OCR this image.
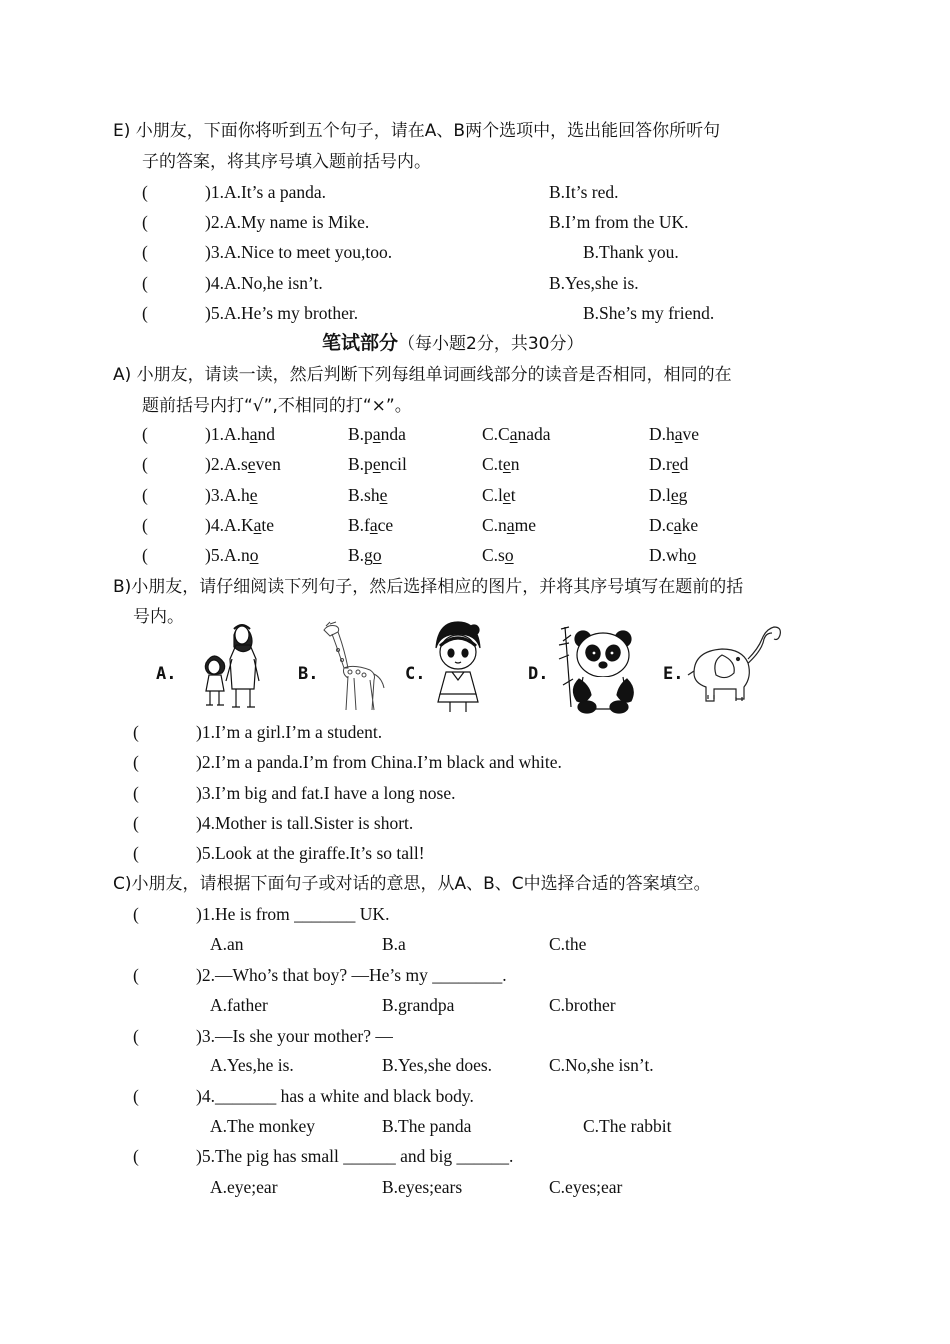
E) 小朋友，下面你将听到五个句子，请在A、B两个选项中，选出能回答你所听句
子的答案，将其序号填入题前括号内。
(	)1.A.It’s a panda.	B.It’s red.
(	)2.A.My name is Mike.	B.I’m from the UK.
(	)3.A.Nice to meet you,too.	B.Thank you.
(	)4.A.No,he isn’t.	B.Yes,she is.
(	)5.A.He’s my brother.	B.She’s my friend.
笔试部分（每小题2分，共30分）
A) 小朋友，请读一读，然后判断下列每组单词画线部分的读音是否相同，相同的在
题前括号内打“√”,不相同的打“×”。
(	)1.A.hand	B.panda	C.Canada	D.have
(	)2.A.seven	B.pencil	C.ten	D.red
(	)3.A.he	B.she	C.let	D.leg
(	)4.A.Kate	B.face	C.name	D.cake
(	)5.A.no	B.go	C.so	D.who
B)小朋友，请仔细阅读下列句子，然后选择相应的图片，并将其序号填写在题前的括
号内。
A.	B.	C.	D.	E.
(	)1.I’m a girl.I’m a student.
(	)2.I’m a panda.I’m from China.I’m black and white.
(	)3.I’m big and fat.I have a long nose.
(	)4.Mother is tall.Sister is short.
(	)5.Look at the giraffe.It’s so tall!
C)小朋友，请根据下面句子或对话的意思，从A、B、C中选择合适的答案填空。
(	)1.He is from _______ UK.
A.an	B.a	C.the
(	)2.—Who’s that boy? —He’s my ________.
A.father	B.grandpa	C.brother
(	)3.—Is she your mother? —
A.Yes,he is.	B.Yes,she does.	C.No,she isn’t.
(	)4._______ has a white and black body.
A.The monkey	B.The panda	C.The rabbit
(	)5.The pig has small ______ and big ______.
A.eye;ear	B.eyes;ears	C.eyes;ear
